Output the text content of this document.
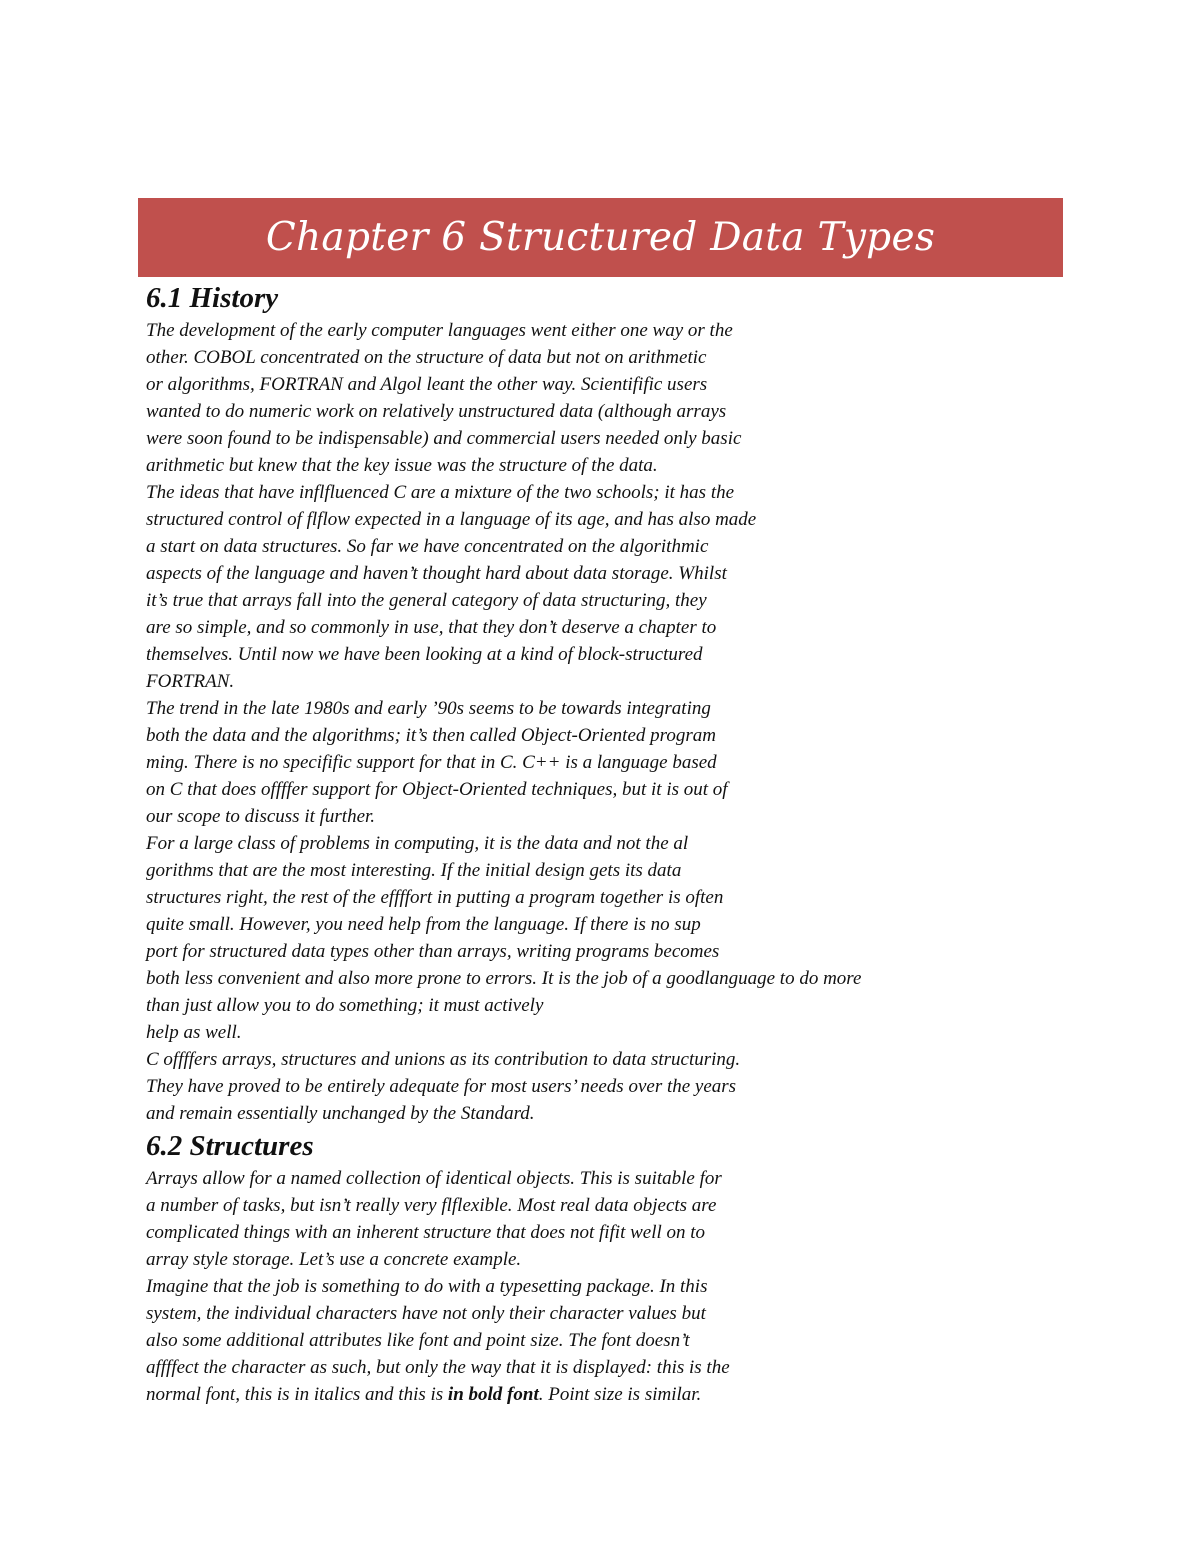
Chapter 6 Structured Data Types
6.1 History
The development of the early computer languages went either one way or the
other. COBOL concentrated on the structure of data but not on arithmetic
or algorithms, FORTRAN and Algol leant the other way. Scientifific users
wanted to do numeric work on relatively unstructured data (although arrays
were soon found to be indispensable) and commercial users needed only basic
arithmetic but knew that the key issue was the structure of the data.
The ideas that have inflfluenced C are a mixture of the two schools; it has the
structured control of flflow expected in a language of its age, and has also made
a start on data structures. So far we have concentrated on the algorithmic
aspects of the language and haven’t thought hard about data storage. Whilst
it’s true that arrays fall into the general category of data structuring, they
are so simple, and so commonly in use, that they don’t deserve a chapter to
themselves. Until now we have been looking at a kind of block-structured
FORTRAN.
The trend in the late 1980s and early ’90s seems to be towards integrating
both the data and the algorithms; it’s then called Object-Oriented program
ming. There is no specifific support for that in C. C++ is a language based
on C that does offffer support for Object-Oriented techniques, but it is out of
our scope to discuss it further.
For a large class of problems in computing, it is the data and not the al
gorithms that are the most interesting. If the initial design gets its data
structures right, the rest of the effffort in putting a program together is often
quite small. However, you need help from the language. If there is no sup
port for structured data types other than arrays, writing programs becomes
both less convenient and also more prone to errors. It is the job of a goodlanguage to do more
than just allow you to do something; it must actively
help as well.
C offffers arrays, structures and unions as its contribution to data structuring.
They have proved to be entirely adequate for most users’ needs over the years
and remain essentially unchanged by the Standard.
6.2 Structures
Arrays allow for a named collection of identical objects. This is suitable for
a number of tasks, but isn’t really very flflexible. Most real data objects are
complicated things with an inherent structure that does not fifit well on to
array style storage. Let’s use a concrete example.
Imagine that the job is something to do with a typesetting package. In this
system, the individual characters have not only their character values but
also some additional attributes like font and point size. The font doesn’t
affffect the character as such, but only the way that it is displayed: this is the
normal font, this is in italics and this is in bold font. Point size is similar.
